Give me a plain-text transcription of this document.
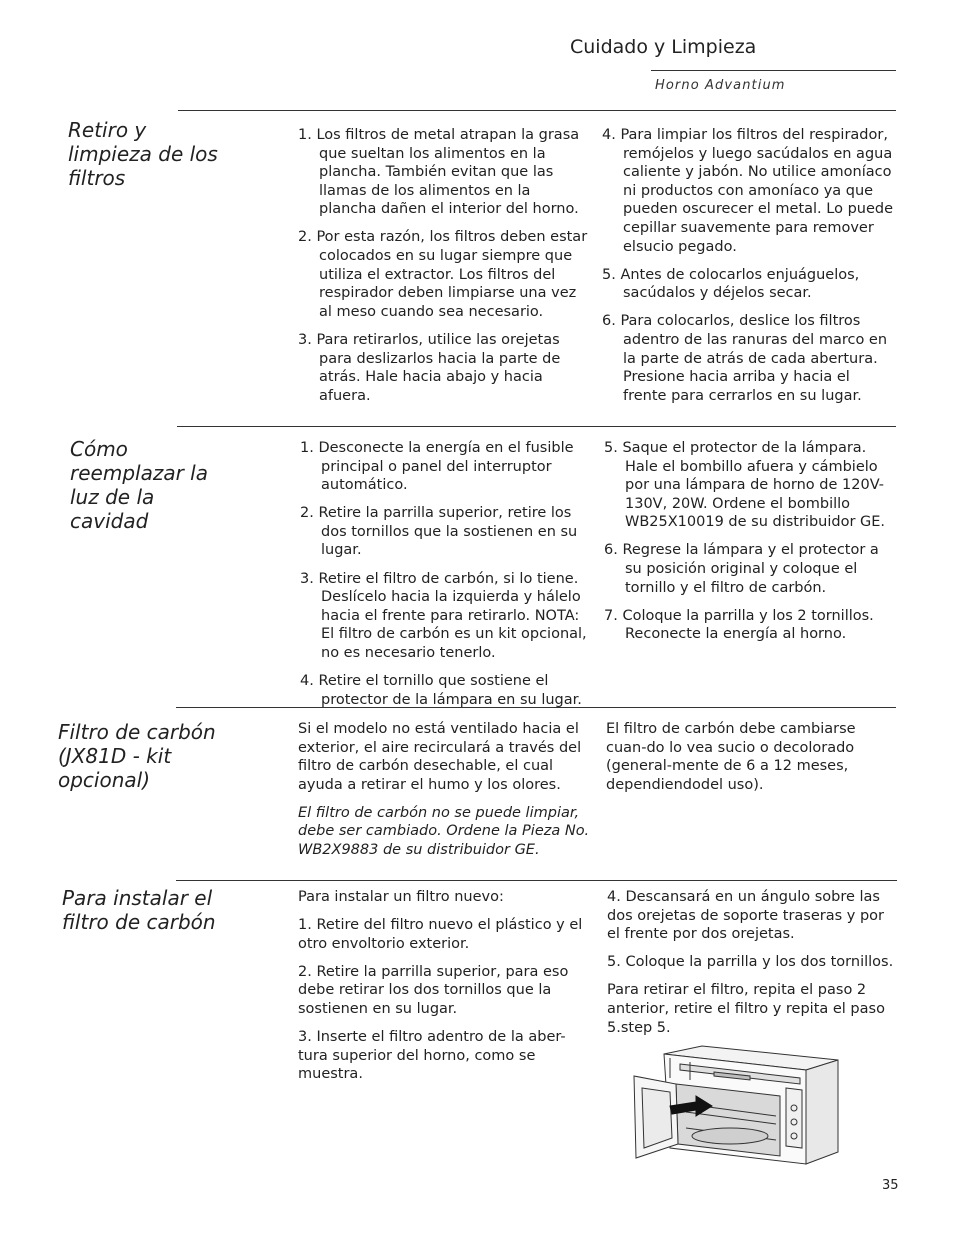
Cuidado y Limpieza
Horno Advantium
Retiro y limpieza de los filtros

1. Los filtros de metal atrapan la grasa que sueltan los alimentos en la plancha. También evitan que las llamas de los alimentos en la plancha dañen el interior del horno.

2. Por esta razón, los filtros deben estar colocados en su lugar siempre que utiliza el extractor. Los filtros del respirador deben limpiarse una vez al meso cuando sea necesario.

3. Para retirarlos, utilice las orejetas para deslizarlos hacia la parte de atrás. Hale hacia abajo y hacia afuera.

4. Para limpiar los filtros del respirador, remójelos y luego sacúdalos en agua caliente y jabón. No utilice amoníaco ni productos con amoníaco ya que pueden oscurecer el metal. Lo puede cepillar suavemente para remover elsucio pegado.

5. Antes de colocarlos enjuáguelos, sacúdalos y déjelos secar.

6. Para colocarlos, deslice los filtros adentro de las ranuras del marco en la parte de atrás de cada abertura. Presione hacia arriba y hacia el frente para cerrarlos en su lugar.

Cómo reemplazar la luz de la cavidad

1. Desconecte la energía en el fusible principal o panel del interruptor automático.

2. Retire la parrilla superior, retire los dos tornillos que la sostienen en su lugar.

3. Retire el filtro de carbón, si lo tiene. Deslícelo hacia la izquierda y hálelo hacia el frente para retirarlo. NOTA: El filtro de carbón es un kit opcional, no es necesario tenerlo.

4. Retire el tornillo que sostiene el protector de la lámpara en su lugar.

5. Saque el protector de la lámpara. Hale el bombillo afuera y cámbielo por una lámpara de horno de 120V-130V, 20W. Ordene el bombillo WB25X10019 de su distribuidor GE.

6. Regrese la lámpara y el protector a su posición original y coloque el tornillo y el filtro de carbón.

7. Coloque la parrilla y los 2 tornillos. Reconecte la energía al horno.

Filtro de carbón (JX81D - kit opcional)

Si el modelo no está ventilado hacia el exterior, el aire recirculará a través del filtro de carbón desechable, el cual ayuda a retirar el humo y los olores.

El filtro de carbón no se puede limpiar, debe ser cambiado. Ordene la Pieza No. WB2X9883 de su distribuidor GE.

El filtro de carbón debe cambiarse cuan-do lo vea sucio o decolorado (general-mente de 6 a 12 meses, dependiendodel uso).

Para instalar el filtro de carbón

Para instalar un filtro nuevo:

1. Retire del filtro nuevo el plástico y el otro envoltorio exterior.

2. Retire la parrilla superior, para eso debe retirar los dos tornillos que la sostienen en su lugar.

3. Inserte el filtro adentro de la aber-tura superior del horno, como se muestra.

4. Descansará en un ángulo sobre las dos orejetas de soporte traseras y por el frente por dos orejetas.

5. Coloque la parrilla y los dos tornillos.

Para retirar el filtro, repita el paso 2 anterior, retire el filtro y repita el paso 5.step 5.

35
